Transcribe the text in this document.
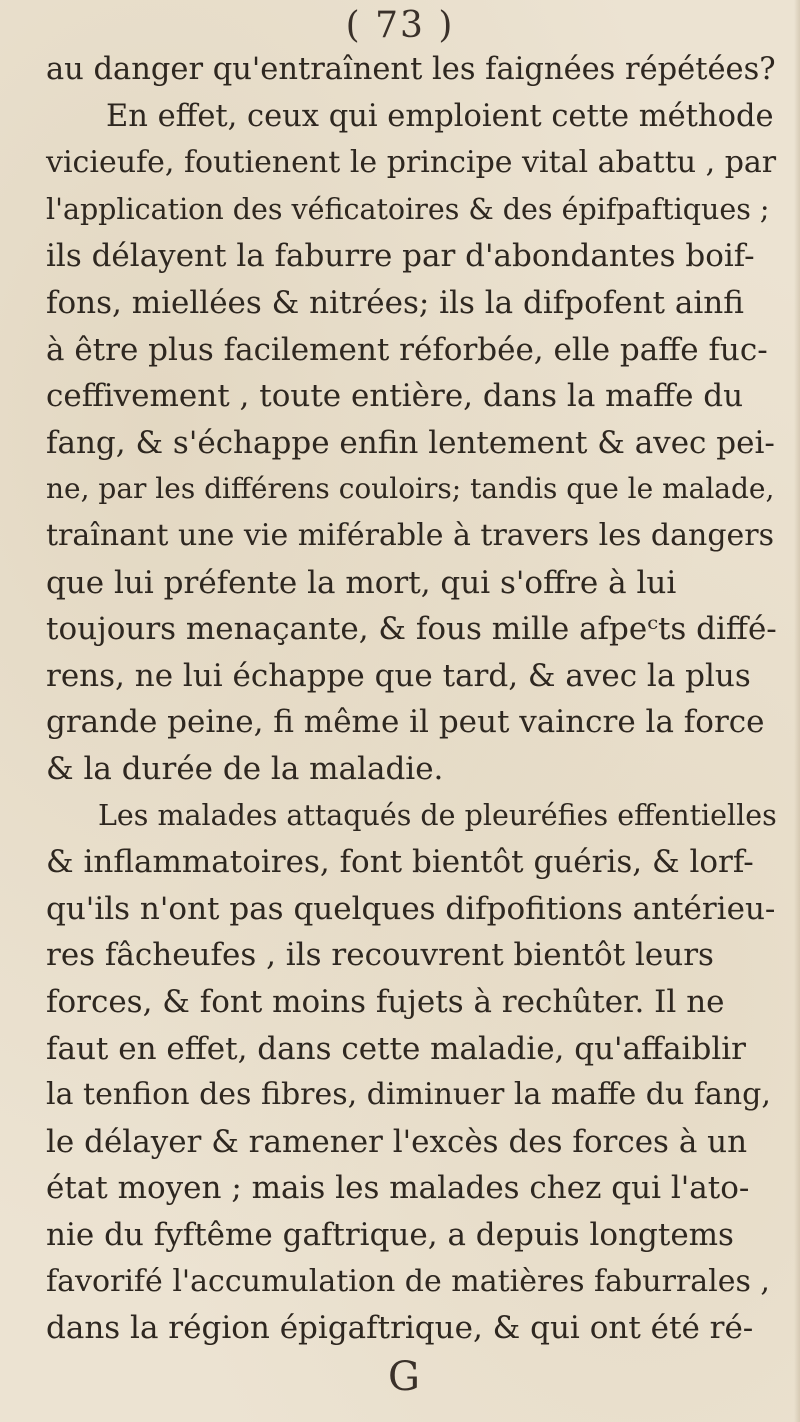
( 73 )
au danger qu'entraînent les faignées répétées?
En effet, ceux qui emploient cette méthode
vicieufe, foutienent le principe vital abattu , par
l'application des véficatoires & des épifpaftiques ;
ils délayent la faburre par d'abondantes boif-
fons, miellées & nitrées; ils la difpofent ainfi
à être plus facilement réforbée, elle paffe fuc-
ceffivement , toute entière, dans la maffe du
fang, & s'échappe enfin lentement & avec pei-
ne, par les différens couloirs; tandis que le malade,
traînant une vie miférable à travers les dangers
que lui préfente la mort, qui s'offre à lui
toujours menaçante, & fous mille afpeᶜts diffé-
rens, ne lui échappe que tard, & avec la plus
grande peine, fi même il peut vaincre la force
& la durée de la maladie.
Les malades attaqués de pleuréfies effentielles
& inflammatoires, font bientôt guéris, & lorf-
qu'ils n'ont pas quelques difpofitions antérieu-
res fâcheufes , ils recouvrent bientôt leurs
forces, & font moins fujets à rechûter. Il ne
faut en effet, dans cette maladie, qu'affaiblir
la tenfion des fibres, diminuer la maffe du fang,
le délayer & ramener l'excès des forces à un
état moyen ; mais les malades chez qui l'ato-
nie du fyftême gaftrique, a depuis longtems
favorifé l'accumulation de matières faburrales ,
dans la région épigaftrique, & qui ont été ré-
G
